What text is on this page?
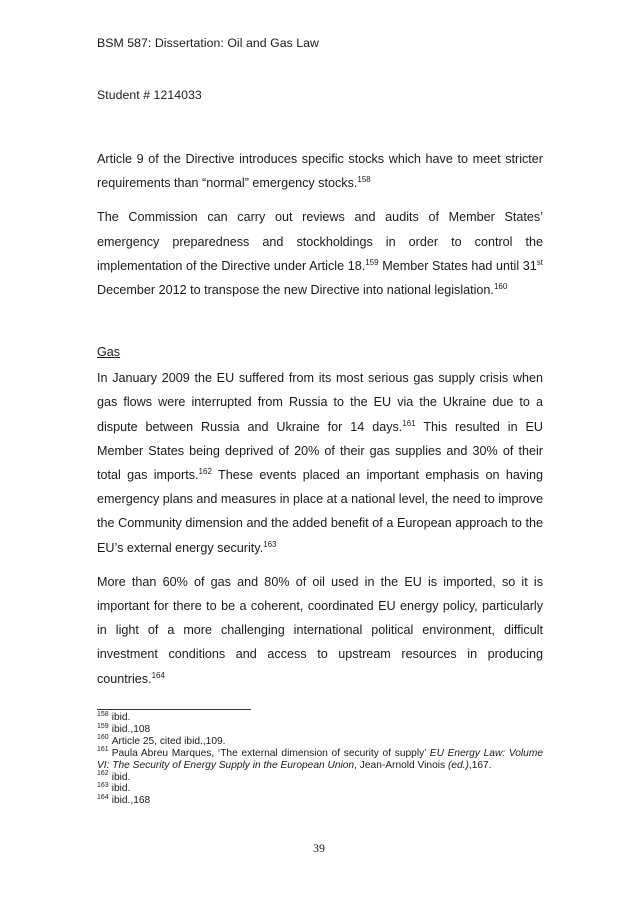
BSM 587: Dissertation: Oil and Gas Law
Student # 1214033

Article 9 of the Directive introduces specific stocks which have to meet stricter requirements than “normal” emergency stocks.$^{158}$

The Commission can carry out reviews and audits of Member States’ emergency preparedness and stockholdings in order to control the implementation of the Directive under Article 18.$^{159}$ Member States had until 31st December 2012 to transpose the new Directive into national legislation.$^{160}$

Gas

In January 2009 the EU suffered from its most serious gas supply crisis when gas flows were interrupted from Russia to the EU via the Ukraine due to a dispute between Russia and Ukraine for 14 days.$^{161}$ This resulted in EU Member States being deprived of 20% of their gas supplies and 30% of their total gas imports.$^{162}$ These events placed an important emphasis on having emergency plans and measures in place at a national level, the need to improve the Community dimension and the added benefit of a European approach to the EU’s external energy security.$^{163}$

More than 60% of gas and 80% of oil used in the EU is imported, so it is important for there to be a coherent, coordinated EU energy policy, particularly in light of a more challenging international political environment, difficult investment conditions and access to upstream resources in producing countries.$^{164}$

$^{158}$ ibid.
$^{159}$ ibid.,108
$^{160}$ Article 25, cited ibid.,109.
$^{161}$ Paula Abreu Marques, ‘The external dimension of security of supply’ EU Energy Law: Volume VI: The Security of Energy Supply in the European Union, Jean-Arnold Vinois (ed.),167.
$^{162}$ ibid.
$^{163}$ ibid.
$^{164}$ ibid.,168
39
